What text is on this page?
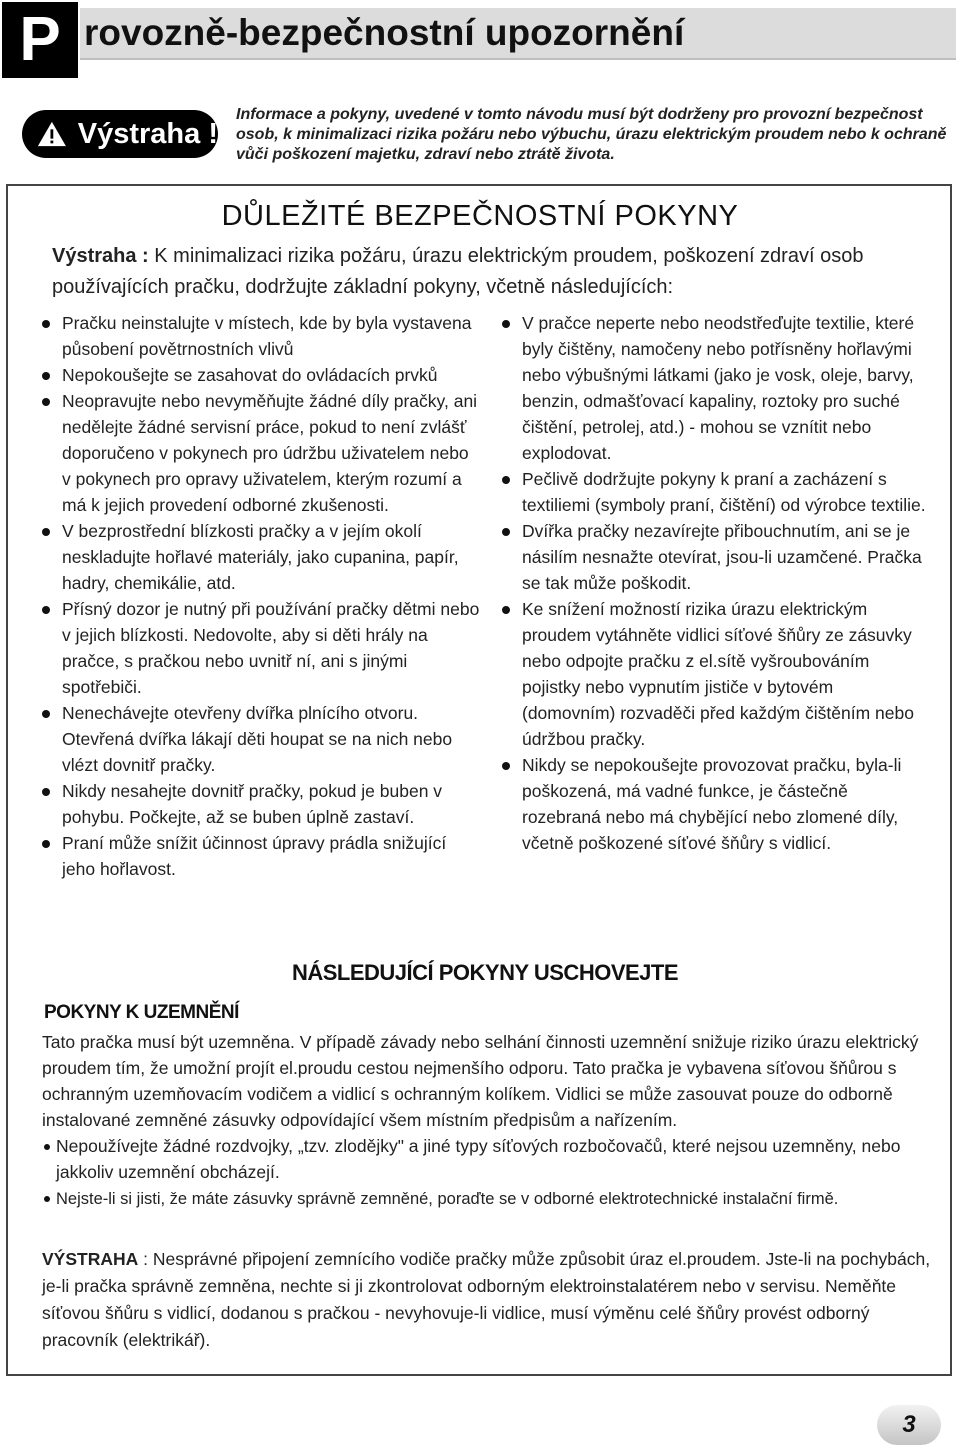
P rovozně-bezpečnostní upozornění
Výstraha !
Informace a pokyny, uvedené v tomto návodu musí být dodrženy pro provozní bezpečnost osob, k minimalizaci rizika požáru nebo výbuchu, úrazu elektrickým proudem nebo k ochraně vůči poškození majetku, zdraví nebo ztrátě života.
DŮLEŽITÉ BEZPEČNOSTNÍ POKYNY
Výstraha : K minimalizaci rizika požáru, úrazu elektrickým proudem, poškození zdraví osob používajících pračku, dodržujte základní pokyny, včetně následujících:
Pračku neinstalujte v místech, kde by byla vystavena působení povětrnostních vlivů
Nepokoušejte se zasahovat do ovládacích prvků
Neopravujte nebo nevyměňujte žádné díly pračky, ani nedělejte žádné servisní práce, pokud to není zvlášť doporučeno v pokynech pro údržbu uživatelem nebo v pokynech pro opravy uživatelem, kterým rozumí a má k jejich provedení odborné zkušenosti.
V bezprostřední blízkosti pračky a v jejím okolí neskladujte hořlavé materiály, jako cupanina, papír, hadry, chemikálie, atd.
Přísný dozor je nutný při používání pračky dětmi nebo v jejich blízkosti. Nedovolte, aby si děti hrály na pračce, s pračkou nebo uvnitř ní, ani s jinými spotřebiči.
Nenechávejte otevřeny dvířka plnícího otvoru. Otevřená dvířka lákají děti houpat se na nich nebo vlézt dovnitř pračky.
Nikdy nesahejte dovnitř pračky, pokud je buben v pohybu. Počkejte, až se buben úplně zastaví.
Praní může snížit účinnost úpravy prádla snižující jeho hořlavost.
V pračce neperte nebo neodstřeďujte textilie, které byly čištěny, namočeny nebo potřísněny hořlavými nebo výbušnými látkami (jako je vosk, oleje, barvy, benzin, odmašťovací kapaliny, roztoky pro suché čištění, petrolej, atd.) - mohou se vznítit nebo explodovat.
Pečlivě dodržujte pokyny k praní a zacházení s textiliemi (symboly praní, čištění) od výrobce textilie.
Dvířka pračky nezavírejte přibouchnutím, ani se je násilím nesnažte otevírat, jsou-li uzamčené. Pračka se tak může poškodit.
Ke snížení možností rizika úrazu elektrickým proudem vytáhněte vidlici síťové šňůry ze zásuvky nebo odpojte pračku z el.sítě vyšroubováním pojistky nebo vypnutím jističe v bytovém (domovním) rozvaděči před každým čištěním nebo údržbou pračky.
Nikdy se nepokoušejte provozovat pračku, byla-li poškozená, má vadné funkce, je částečně rozebraná nebo má chybějící nebo zlomené díly, včetně poškozené síťové šňůry s vidlicí.
NÁSLEDUJÍCÍ POKYNY USCHOVEJTE
POKYNY K UZEMNĚNÍ
Tato pračka musí být uzemněna. V případě závady nebo selhání činnosti uzemnění snižuje riziko úrazu elektrický proudem tím, že umožní projít el.proudu cestou nejmenšího odporu. Tato pračka je vybavena síťovou šňůrou s ochranným uzemňovacím vodičem a vidlicí s ochranným kolíkem. Vidlici se může zasouvat pouze do odborně instalované zemněné zásuvky odpovídající všem místním předpisům a nařízením.
Nepoužívejte žádné rozdvojky, „tzv. zlodějky" a jiné typy síťových rozbočovačů, které nejsou uzemněny, nebo jakkoliv uzemnění obcházejí.
Nejste-li si jisti, že máte zásuvky správně zemněné, poraďte se v odborné elektrotechnické instalační firmě.
VÝSTRAHA : Nesprávné připojení zemnícího vodiče pračky může způsobit úraz el.proudem. Jste-li na pochybách, je-li pračka správně zemněna, nechte si ji zkontrolovat odborným elektroinstalatérem nebo v servisu. Neměňte síťovou šňůru s vidlicí, dodanou s pračkou - nevyhovuje-li vidlice, musí výměnu celé šňůry provést odborný pracovník (elektrikář).
3
